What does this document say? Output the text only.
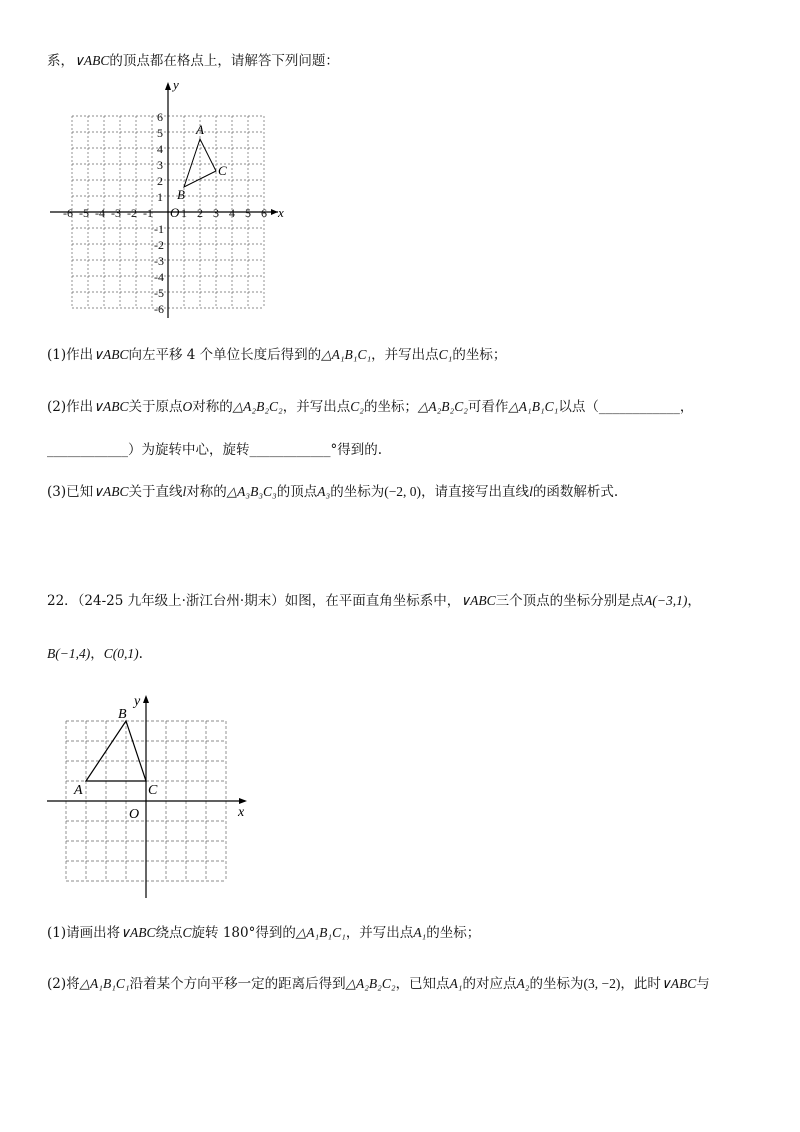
系，∨ABC的顶点都在格点上，请解答下列问题：
-6 -5 -4 -3 -2 -1 1 2 3 4 5 6
1
2
3
4
5
6
-1
-2
-3
-4
-5
-6
A
B
C
O	x
y
(1)作出∨ABC向左平移 4 个单位长度后得到的△A₁B₁C₁，并写出点C₁的坐标；
(2)作出∨ABC关于原点O对称的△A₂B₂C₂，并写出点C₂的坐标；△A₂B₂C₂可看作△A₁B₁C₁以点（____________，
____________）为旋转中心，旋转____________°得到的.
(3)已知∨ABC关于直线l对称的△A₃B₃C₃的顶点A₃的坐标为(−2, 0)，请直接写出直线l的函数解析式.
22．（24-25 九年级上·浙江台州·期末）如图，在平面直角坐标系中，∨ABC三个顶点的坐标分别是点A(−3,1)，
B(−1,4)，C(0,1).
A
B
C
O	x
y
(1)请画出将∨ABC绕点C旋转 180°得到的△A₁B₁C₁，并写出点A₁的坐标；
(2)将△A₁B₁C₁沿着某个方向平移一定的距离后得到△A₂B₂C₂，已知点A₁的对应点A₂的坐标为(3, −2)，此时∨ABC与
